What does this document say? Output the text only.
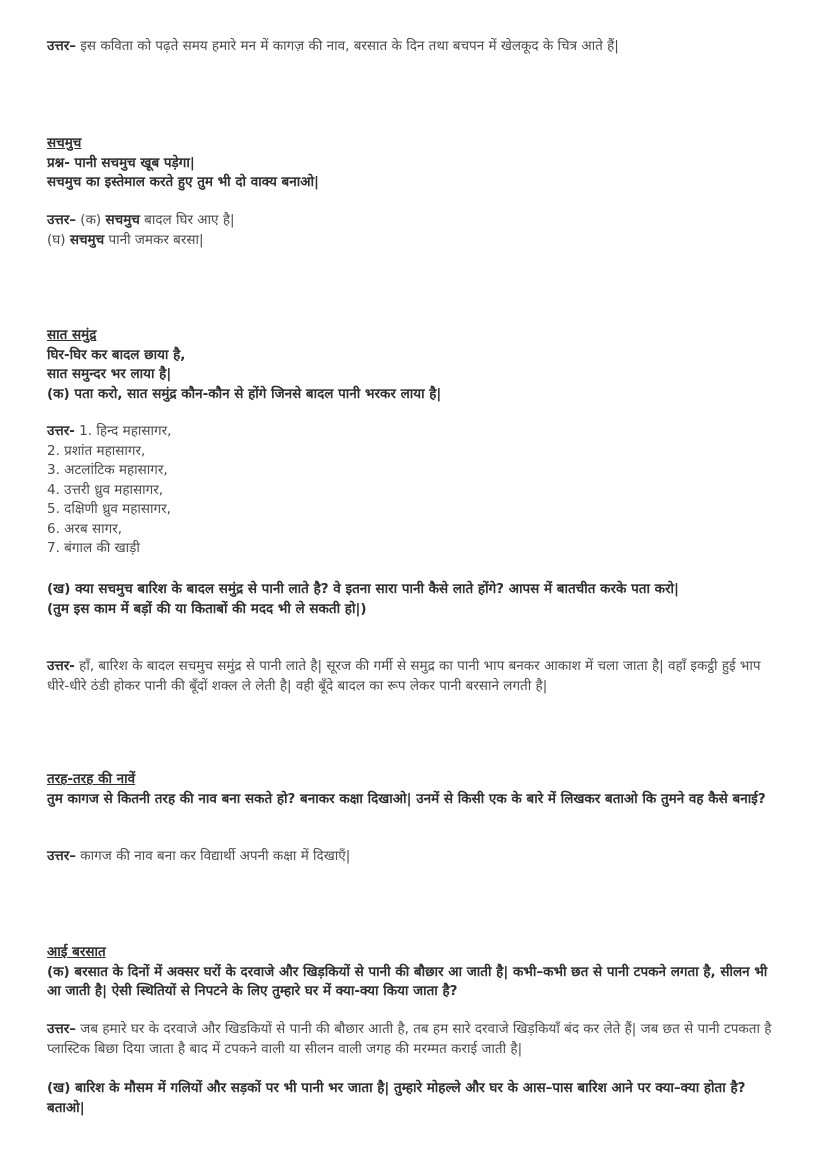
उत्तर– इस कविता को पढ़ते समय हमारे मन में कागज़ की नाव, बरसात के दिन तथा बचपन में खेलकूद के चित्र आते हैं|
सचमुच
प्रश्न- पानी सचमुच खूब पड़ेगा|
सचमुच का इस्तेमाल करते हुए तुम भी दो वाक्य बनाओ|
उत्तर– (क) सचमुच बादल घिर आए है|
(घ) सचमुच पानी जमकर बरसा|
सात समुंद्र
घिर-घिर कर बादल छाया है,
सात समुन्दर भर लाया है|
(क) पता करो, सात समुंद्र कौन-कौन से होंगे जिनसे बादल पानी भरकर लाया है|
उत्तर- 1. हिन्द महासागर,
2. प्रशांत महासागर,
3. अटलांटिक महासागर,
4. उत्तरी ध्रुव महासागर,
5. दक्षिणी ध्रुव महासागर,
6. अरब सागर,
7. बंगाल की खाड़ी
(ख) क्या सचमुच बारिश के बादल समुंद्र से पानी लाते है? वे इतना सारा पानी कैसे लाते होंगे? आपस में बातचीत करके पता करो|
(तुम इस काम में बड़ों की या किताबों की मदद भी ले सकती हो|)
उत्तर- हाँ, बारिश के बादल सचमुच समुंद्र से पानी लाते है| सूरज की गर्मी से समुद्र का पानी भाप बनकर आकाश में चला जाता है| वहाँ इकट्ठी हुई भाप धीरे-धीरे ठंडी होकर पानी की बूँदों शक्ल ले लेती है| वही बूँदे बादल का रूप लेकर पानी बरसाने लगती है|
तरह-तरह की नावें
तुम कागज से कितनी तरह की नाव बना सकते हो? बनाकर कक्षा दिखाओ| उनमें से किसी एक के बारे में लिखकर बताओ कि तुमने वह कैसे बनाई?
उत्तर– कागज की नाव बना कर विद्यार्थी अपनी कक्षा में दिखाएँ|
आई बरसात
(क) बरसात के दिनों में अक्सर घरों के दरवाजे और खिड़कियों से पानी की बौछार आ जाती है| कभी–कभी छत से पानी टपकने लगता है, सीलन भी आ जाती है| ऐसी स्थितियों से निपटने के लिए तुम्हारे घर में क्या-क्या किया जाता है?
उत्तर– जब हमारे घर के दरवाजे और खिडकियों से पानी की बौछार आती है, तब हम सारे दरवाजे खिड़कियाँ बंद कर लेते हैं| जब छत से पानी टपकता है प्लास्टिक बिछा दिया जाता है बाद में टपकने वाली या सीलन वाली जगह की मरम्मत कराई जाती है|
(ख) बारिश के मौसम में गलियों और सड़कों पर भी पानी भर जाता है| तुम्हारे मोहल्ले और घर के आस–पास बारिश आने पर क्या–क्या होता है? बताओ|
